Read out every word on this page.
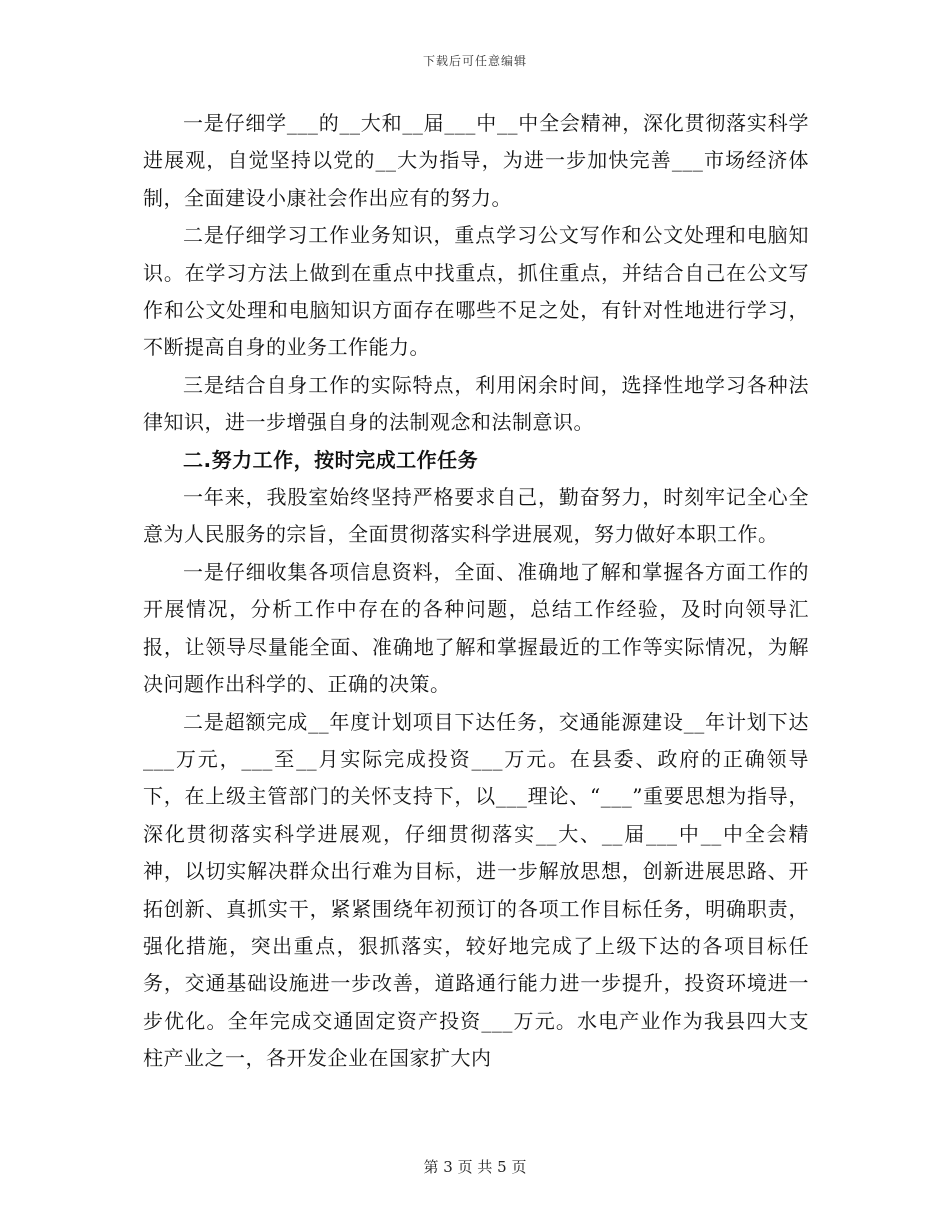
下载后可任意编辑

一是仔细学___的__大和__届___中__中全会精神，深化贯彻落实科学进展观，自觉坚持以党的__大为指导，为进一步加快完善___市场经济体制，全面建设小康社会作出应有的努力。

二是仔细学习工作业务知识，重点学习公文写作和公文处理和电脑知识。在学习方法上做到在重点中找重点，抓住重点，并结合自己在公文写作和公文处理和电脑知识方面存在哪些不足之处，有针对性地进行学习，不断提高自身的业务工作能力。

三是结合自身工作的实际特点，利用闲余时间，选择性地学习各种法律知识，进一步增强自身的法制观念和法制意识。

二.努力工作，按时完成工作任务

一年来，我股室始终坚持严格要求自己，勤奋努力，时刻牢记全心全意为人民服务的宗旨，全面贯彻落实科学进展观，努力做好本职工作。

一是仔细收集各项信息资料，全面、准确地了解和掌握各方面工作的开展情况，分析工作中存在的各种问题，总结工作经验，及时向领导汇报，让领导尽量能全面、准确地了解和掌握最近的工作等实际情况，为解决问题作出科学的、正确的决策。

二是超额完成__年度计划项目下达任务，交通能源建设__年计划下达___万元，___至__月实际完成投资___万元。在县委、政府的正确领导下，在上级主管部门的关怀支持下，以___理论、“___”重要思想为指导，深化贯彻落实科学进展观，仔细贯彻落实__大、__届___中__中全会精神，以切实解决群众出行难为目标，进一步解放思想，创新进展思路、开拓创新、真抓实干，紧紧围绕年初预订的各项工作目标任务，明确职责，强化措施，突出重点，狠抓落实，较好地完成了上级下达的各项目标任务，交通基础设施进一步改善，道路通行能力进一步提升，投资环境进一步优化。全年完成交通固定资产投资___万元。水电产业作为我县四大支柱产业之一，各开发企业在国家扩大内

第 3 页 共 5 页
